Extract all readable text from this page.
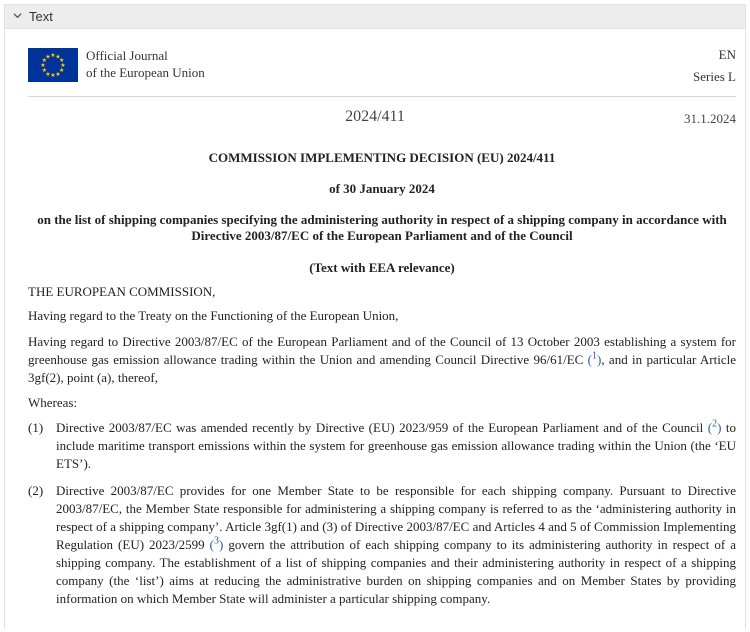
Text
★
★
★
★
★
★
★
★
★ ★ ★
★ Official Journal
of the European Union
EN
Series L
2024/411	31.1.2024
COMMISSION IMPLEMENTING DECISION (EU) 2024/411
of 30 January 2024
on the list of shipping companies specifying the administering authority in respect of a shipping company in accordance with
Directive 2003/87/EC of the European Parliament and of the Council
(Text with EEA relevance)
THE EUROPEAN COMMISSION,
Having regard to the Treaty on the Functioning of the European Union,
Having regard to Directive 2003/87/EC of the European Parliament and of the Council of 13 October 2003 establishing a system for greenhouse gas emission allowance trading within the Union and amending Council Directive 96/61/EC ($^1$), and in particular Article 3gf(2), point (a), thereof,
Whereas:
(1) Directive 2003/87/EC was amended recently by Directive (EU) 2023/959 of the European Parliament and of the Council ($^2$) to include maritime transport emissions within the system for greenhouse gas emission allowance trading within the Union (the ‘EU ETS’).
(2) Directive 2003/87/EC provides for one Member State to be responsible for each shipping company. Pursuant to Directive 2003/87/EC, the Member State responsible for administering a shipping company is referred to as the ‘administering authority in respect of a shipping company’. Article 3gf(1) and (3) of Directive 2003/87/EC and Articles 4 and 5 of Commission Implementing Regulation (EU) 2023/2599 ($^3$) govern the attribution of each shipping company to its administering authority in respect of a shipping company. The establishment of a list of shipping companies and their administering authority in respect of a shipping company (the ‘list’) aims at reducing the administrative burden on shipping companies and on Member States by providing information on which Member State will administer a particular shipping company.
